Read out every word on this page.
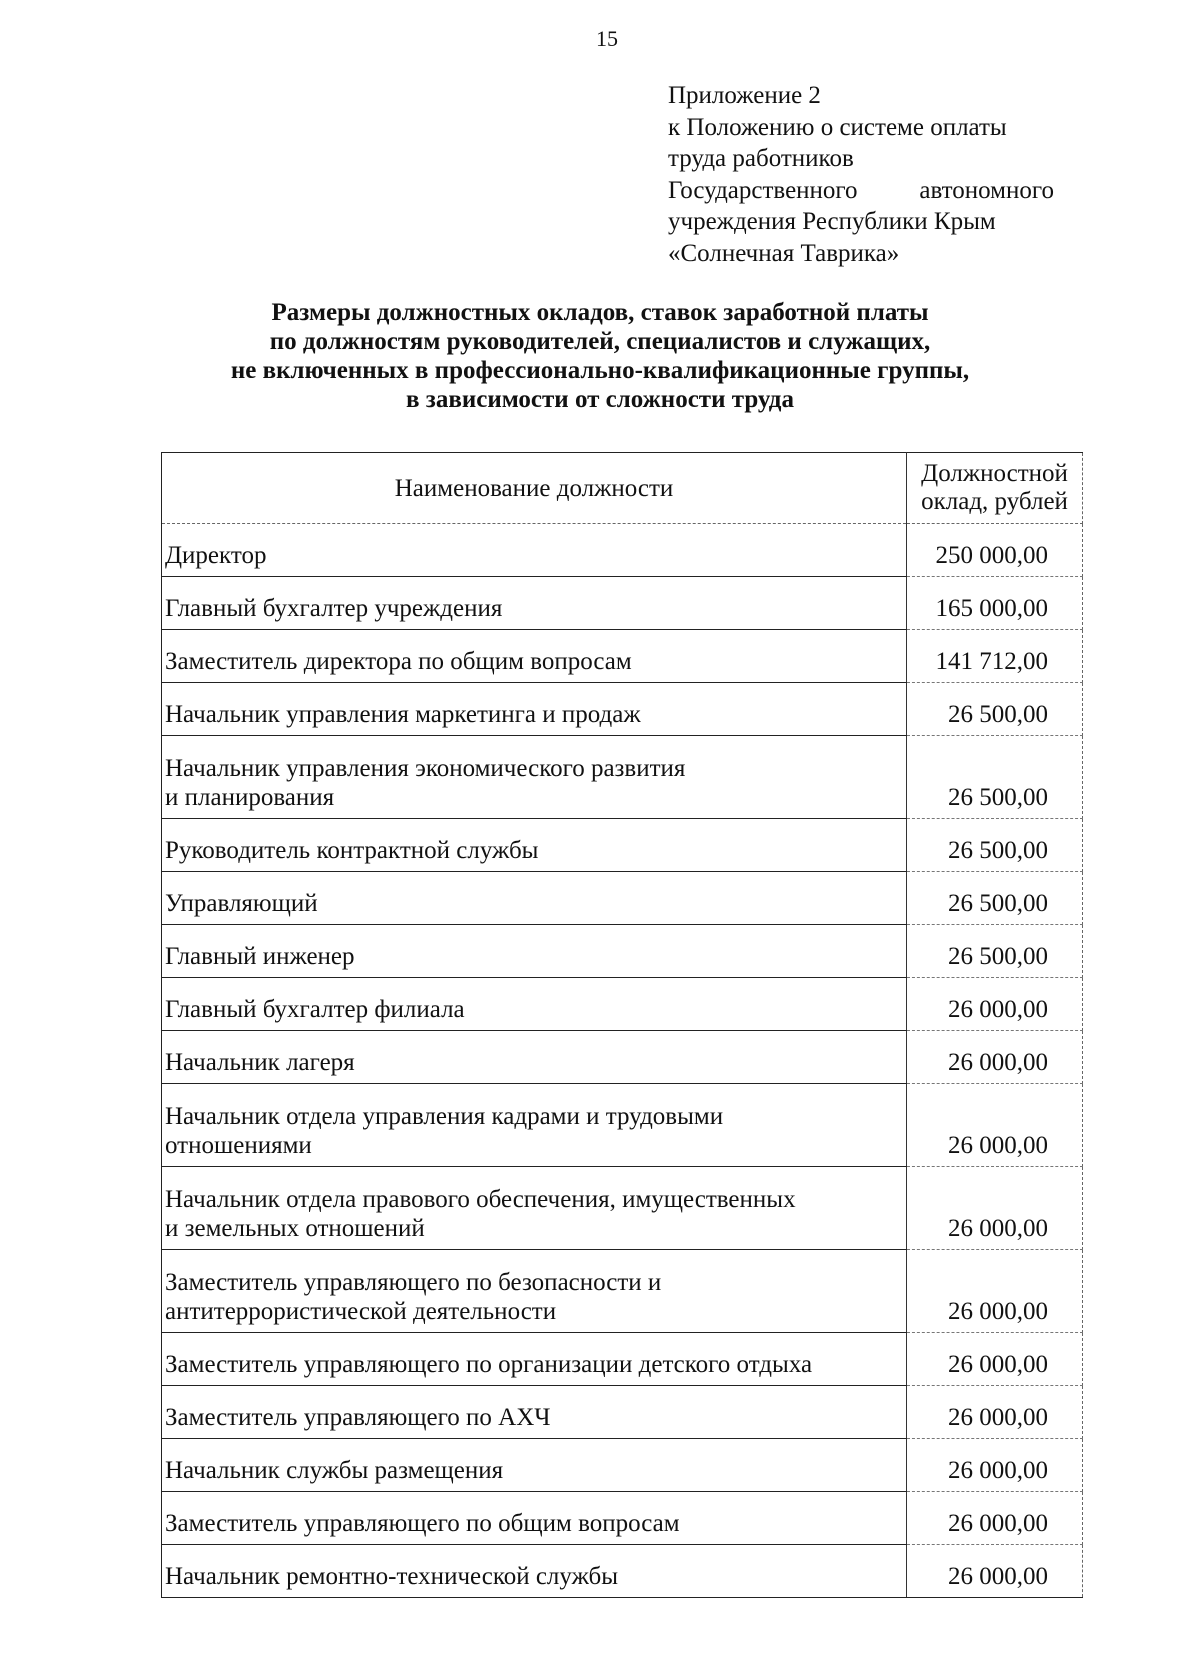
15
Приложение 2
к Положению о системе оплаты
труда работников
Государственного автономного
учреждения Республики Крым
«Солнечная Таврика»
Размеры должностных окладов, ставок заработной платы
по должностям руководителей, специалистов и служащих,
не включенных в профессионально-квалификационные группы,
в зависимости от сложности труда
Наименование должности	Должностной
оклад, рублей

Директор	250 000,00

Главный бухгалтер учреждения	165 000,00

Заместитель директора по общим вопросам	141 712,00

Начальник управления маркетинга и продаж	26 500,00

Начальник управления экономического развития
и планирования	26 500,00

Руководитель контрактной службы	26 500,00

Управляющий	26 500,00

Главный инженер	26 500,00

Главный бухгалтер филиала	26 000,00

Начальник лагеря	26 000,00

Начальник отдела управления кадрами и трудовыми
отношениями	26 000,00

Начальник отдела правового обеспечения, имущественных
и земельных отношений	26 000,00

Заместитель управляющего по безопасности и
антитеррористической деятельности	26 000,00

Заместитель управляющего по организации детского отдыха	26 000,00

Заместитель управляющего по АХЧ	26 000,00

Начальник службы размещения	26 000,00

Заместитель управляющего по общим вопросам	26 000,00

Начальник ремонтно-технической службы	26 000,00
